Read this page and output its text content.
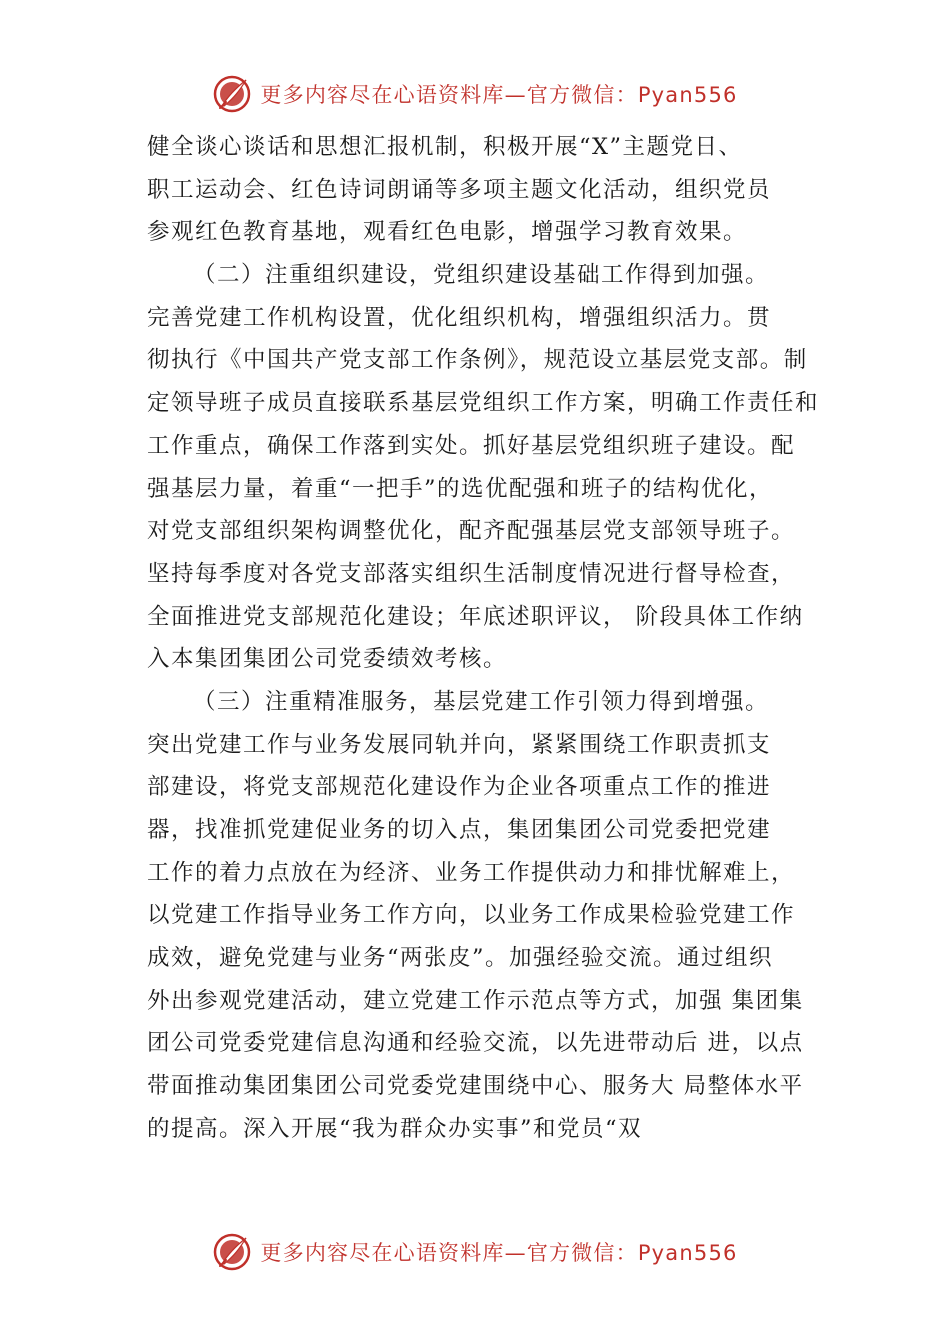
更多内容尽在心语资料库—官方微信：Pyan556
健全谈心谈话和思想汇报机制，积极开展“X”主题党日、
职工运动会、红色诗词朗诵等多项主题文化活动，组织党员
参观红色教育基地，观看红色电影，增强学习教育效果。
（二）注重组织建设，党组织建设基础工作得到加强。
完善党建工作机构设置，优化组织机构，增强组织活力。贯
彻执行《中国共产党支部工作条例》，规范设立基层党支部。制
定领导班子成员直接联系基层党组织工作方案，明确工作责任和
工作重点，确保工作落到实处。抓好基层党组织班子建设。配
强基层力量，着重“一把手”的选优配强和班子的结构优化，
对党支部组织架构调整优化，配齐配强基层党支部领导班子。
坚持每季度对各党支部落实组织生活制度情况进行督导检查，
全面推进党支部规范化建设；年底述职评议， 阶段具体工作纳
入本集团集团公司党委绩效考核。
（三）注重精准服务，基层党建工作引领力得到增强。
突出党建工作与业务发展同轨并向，紧紧围绕工作职责抓支
部建设，将党支部规范化建设作为企业各项重点工作的推进
器，找准抓党建促业务的切入点，集团集团公司党委把党建
工作的着力点放在为经济、业务工作提供动力和排忧解难上，
以党建工作指导业务工作方向，以业务工作成果检验党建工作
成效，避免党建与业务“两张皮”。加强经验交流。通过组织
外出参观党建活动，建立党建工作示范点等方式，加强 集团集
团公司党委党建信息沟通和经验交流，以先进带动后 进，以点
带面推动集团集团公司党委党建围绕中心、服务大 局整体水平
的提高。深入开展“我为群众办实事”和党员“双
更多内容尽在心语资料库—官方微信：Pyan556
